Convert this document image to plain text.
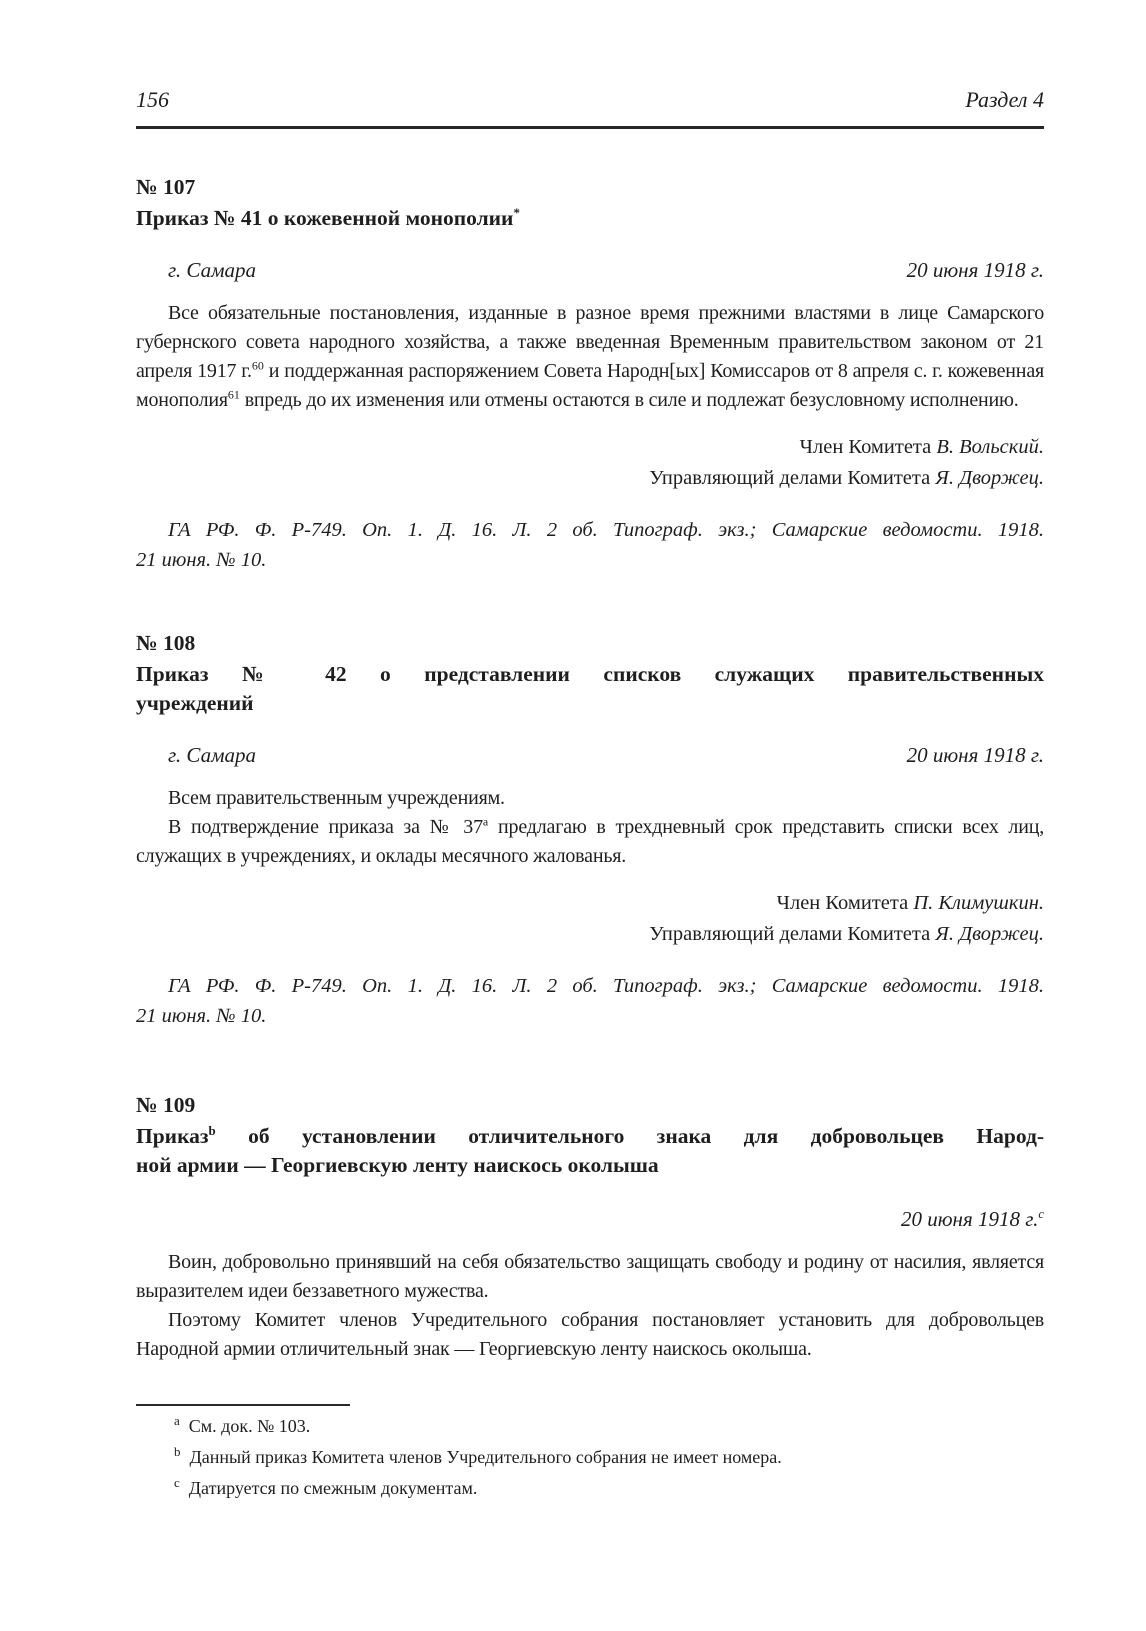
156	Раздел 4
№ 107
Приказ № 41 о кожевенной монополии*
г. Самара	20 июня 1918 г.

Все обязательные постановления, изданные в разное время прежними властями в лице Самарского губернского совета народного хозяйства, а также введенная Временным правительством законом от 21 апреля 1917 г.$^{60}$ и поддержанная распоряжением Совета Народн[ых] Комиссаров от 8 апреля с. г. кожевенная монополия$^{61}$ впредь до их изменения или отмены остаются в силе и подлежат безусловному исполнению.

Член Комитета В. Вольский.
Управляющий делами Комитета Я. Дворжец.
ГА РФ. Ф. Р-749. Оп. 1. Д. 16. Л. 2 об. Типограф. экз.; Самарские ведомости. 1918.
21 июня. № 10.
№ 108
Приказ № 42 о представлении списков служащих правительственных
учреждений
г. Самара	20 июня 1918 г.

Всем правительственным учреждениям.

В подтверждение приказа за № $37^а$ предлагаю в трехдневный срок представить списки всех лиц, служащих в учреждениях, и оклады месячного жалованья.

Член Комитета П. Климушкин.
Управляющий делами Комитета Я. Дворжец.
ГА РФ. Ф. Р-749. Оп. 1. Д. 16. Л. 2 об. Типограф. экз.; Самарские ведомости. 1918.
21 июня. № 10.
№ 109
Приказ$^b$ об установлении отличительного знака для добровольцев Народ-
ной армии — Георгиевскую ленту наискось околыша
20 июня 1918 г.$^c$

Воин, добровольно принявший на себя обязательство защищать свободу и родину от насилия, является выразителем идеи беззаветного мужества.

Поэтому Комитет членов Учредительного собрания постановляет установить для добровольцев Народной армии отличительный знак — Георгиевскую ленту наискось околыша.

$^a$ См. док. № 103.
$^b$ Данный приказ Комитета членов Учредительного собрания не имеет номера.
$^c$ Датируется по смежным документам.
